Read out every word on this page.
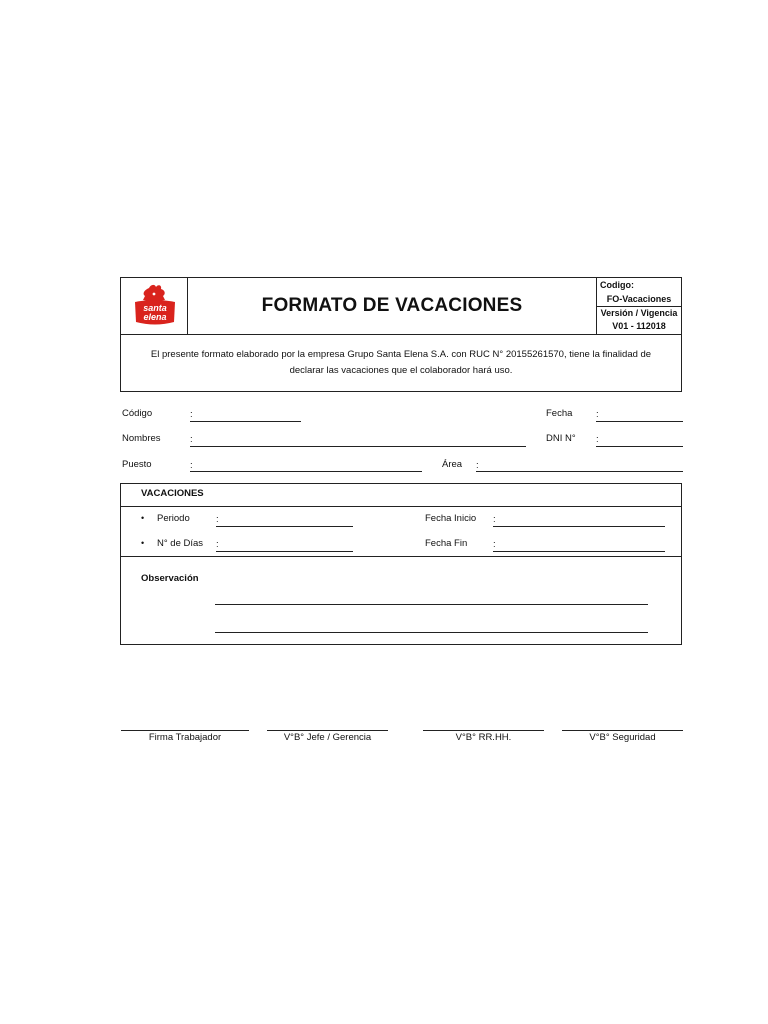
santa
elena
FORMATO DE VACACIONES
Codigo:
FO-Vacaciones
Versión / Vigencia
V01 - 112018
El presente formato elaborado por la empresa Grupo Santa Elena S.A. con RUC N° 20155261570, tiene la finalidad de declarar las vacaciones que el colaborador hará uso.
Código	:	Fecha :
Nombres	:	DNI N° :
Puesto	:	Área :
VACACIONES
• Periodo	:	Fecha Inicio :
• N° de Días :	Fecha Fin	:
Observación
Firma Trabajador	V°B° Jefe / Gerencia	V°B° RR.HH.	V°B° Seguridad
